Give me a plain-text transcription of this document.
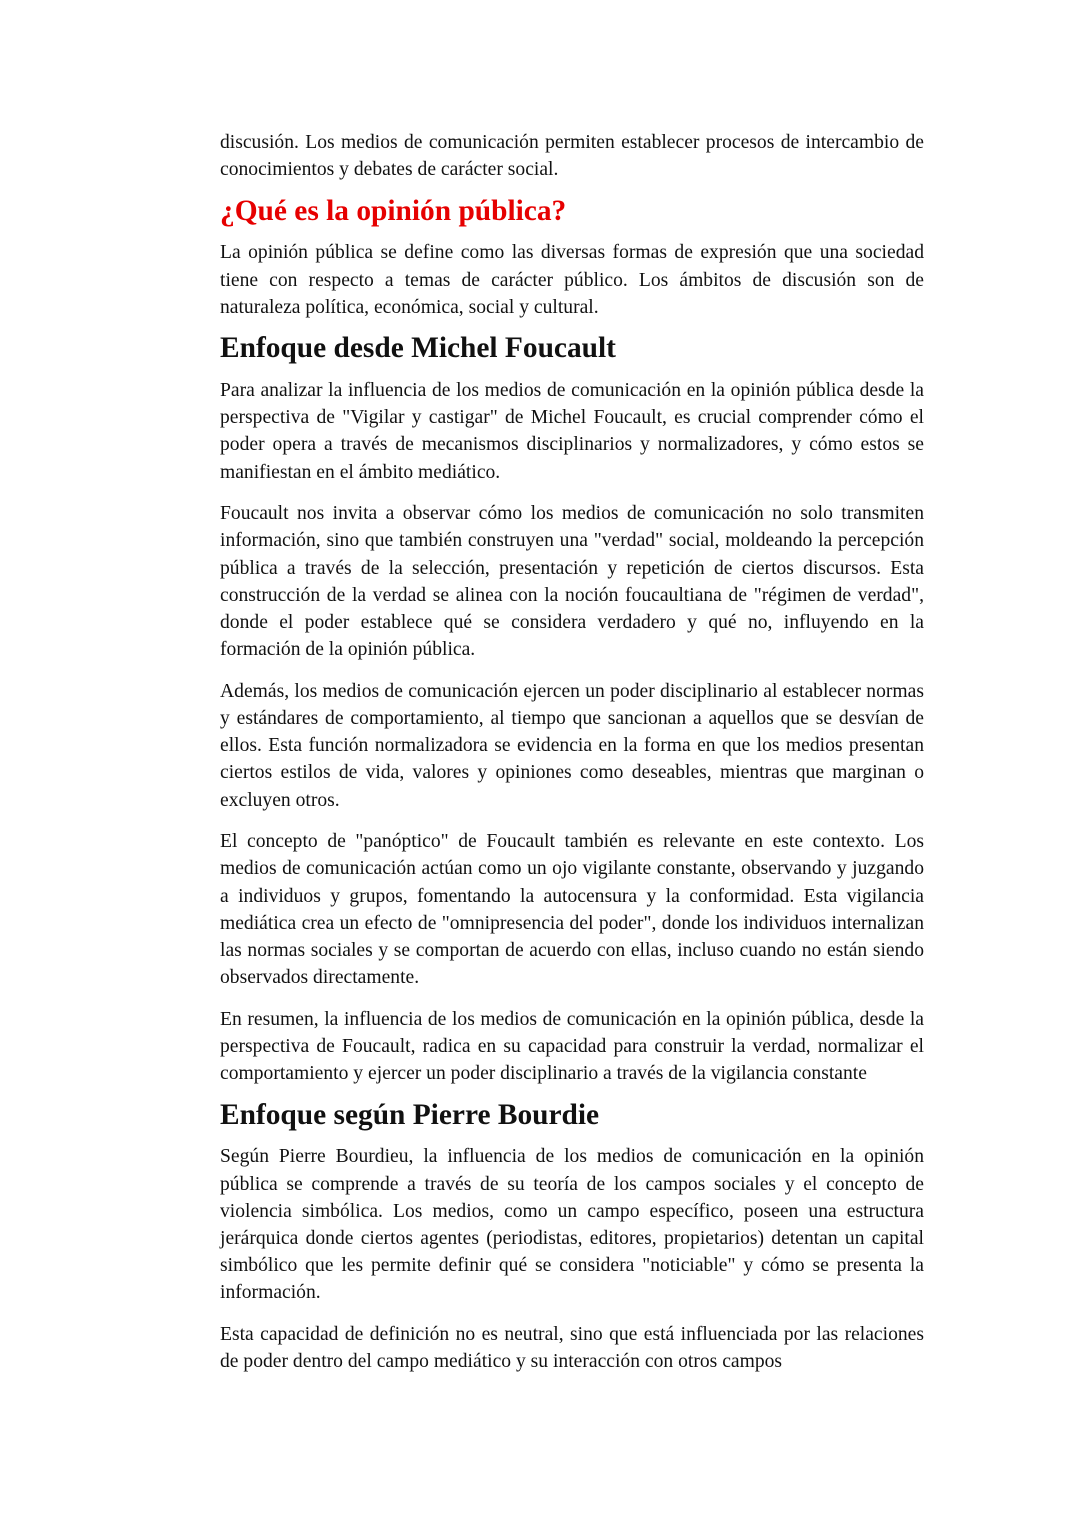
discusión. Los medios de comunicación permiten establecer procesos de intercambio de conocimientos y debates de carácter social.

¿Qué es la opinión pública?

La opinión pública se define como las diversas formas de expresión que una sociedad tiene con respecto a temas de carácter público. Los ámbitos de discusión son de naturaleza política, económica, social y cultural.

Enfoque desde Michel Foucault

Para analizar la influencia de los medios de comunicación en la opinión pública desde la perspectiva de "Vigilar y castigar" de Michel Foucault, es crucial comprender cómo el poder opera a través de mecanismos disciplinarios y normalizadores, y cómo estos se manifiestan en el ámbito mediático.

Foucault nos invita a observar cómo los medios de comunicación no solo transmiten información, sino que también construyen una "verdad" social, moldeando la percepción pública a través de la selección, presentación y repetición de ciertos discursos. Esta construcción de la verdad se alinea con la noción foucaultiana de "régimen de verdad", donde el poder establece qué se considera verdadero y qué no, influyendo en la formación de la opinión pública.

Además, los medios de comunicación ejercen un poder disciplinario al establecer normas y estándares de comportamiento, al tiempo que sancionan a aquellos que se desvían de ellos. Esta función normalizadora se evidencia en la forma en que los medios presentan ciertos estilos de vida, valores y opiniones como deseables, mientras que marginan o excluyen otros.

El concepto de "panóptico" de Foucault también es relevante en este contexto. Los medios de comunicación actúan como un ojo vigilante constante, observando y juzgando a individuos y grupos, fomentando la autocensura y la conformidad. Esta vigilancia mediática crea un efecto de "omnipresencia del poder", donde los individuos internalizan las normas sociales y se comportan de acuerdo con ellas, incluso cuando no están siendo observados directamente.

En resumen, la influencia de los medios de comunicación en la opinión pública, desde la perspectiva de Foucault, radica en su capacidad para construir la verdad, normalizar el comportamiento y ejercer un poder disciplinario a través de la vigilancia constante

Enfoque según Pierre Bourdie

Según Pierre Bourdieu, la influencia de los medios de comunicación en la opinión pública se comprende a través de su teoría de los campos sociales y el concepto de violencia simbólica. Los medios, como un campo específico, poseen una estructura jerárquica donde ciertos agentes (periodistas, editores, propietarios) detentan un capital simbólico que les permite definir qué se considera "noticiable" y cómo se presenta la información.

Esta capacidad de definición no es neutral, sino que está influenciada por las relaciones de poder dentro del campo mediático y su interacción con otros campos
